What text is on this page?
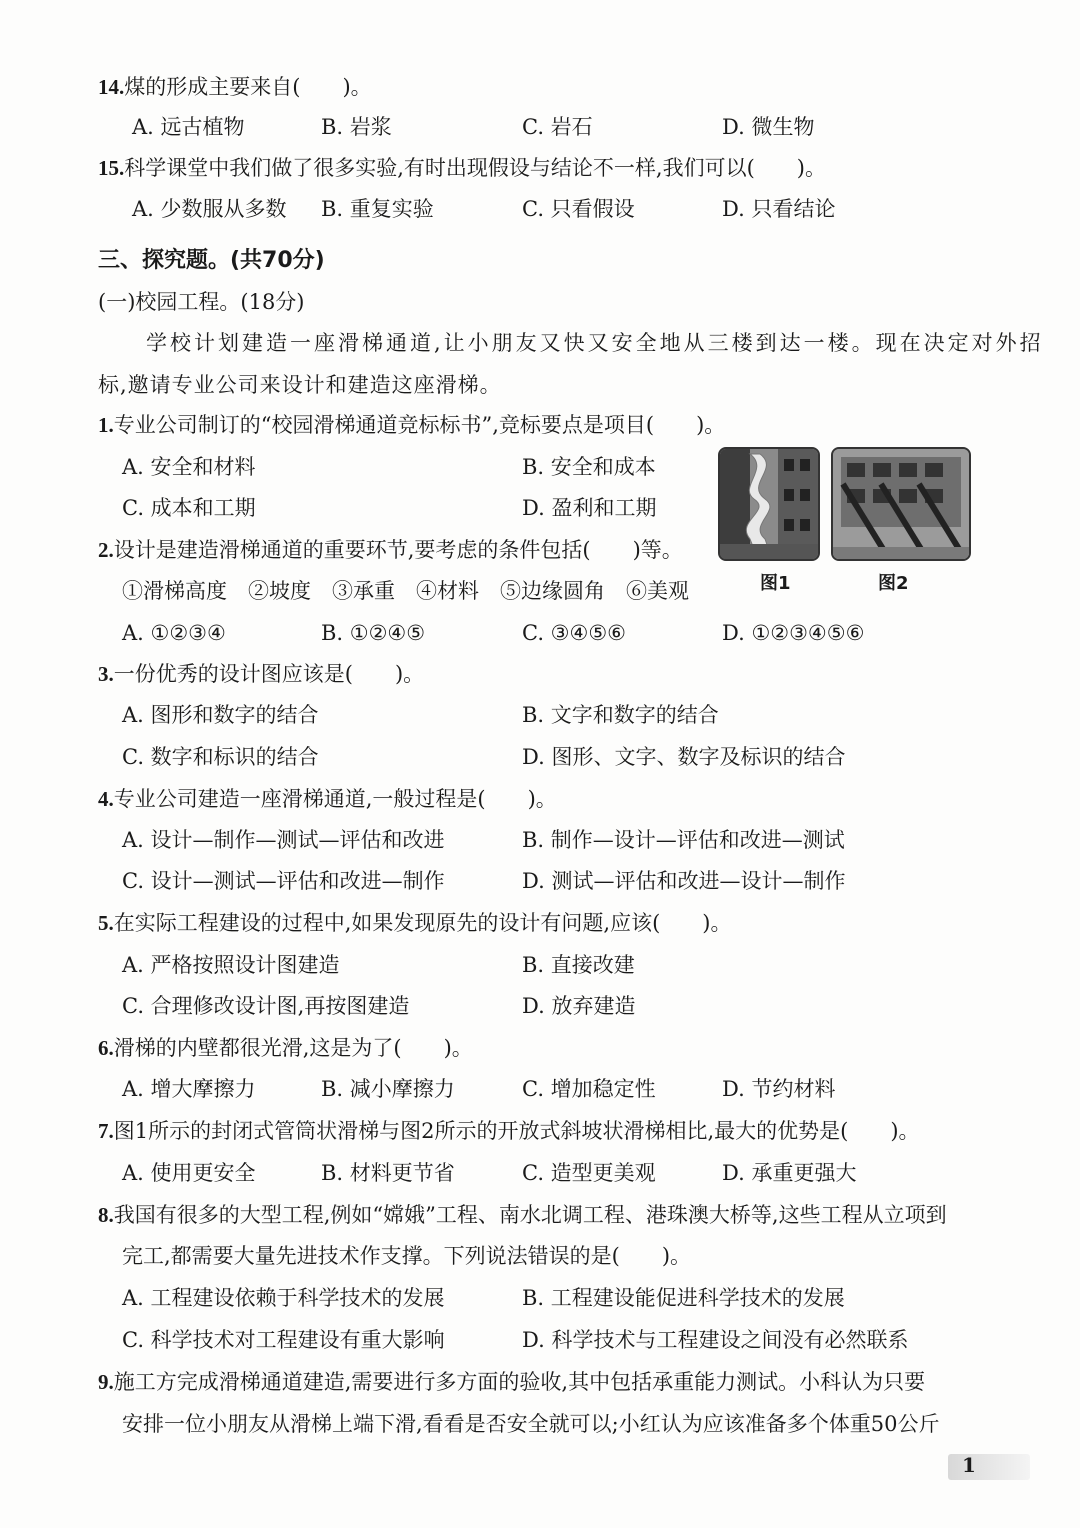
14.煤的形成主要来自(　　)。
A. 远古植物	B. 岩浆	C. 岩石	D. 微生物
15.科学课堂中我们做了很多实验,有时出现假设与结论不一样,我们可以(　　)。
A. 少数服从多数 B. 重复实验	C. 只看假设	D. 只看结论
三、探究题。(共70分)
(一)校园工程。(18分)
学校计划建造一座滑梯通道,让小朋友又快又安全地从三楼到达一楼。现在决定对外招
标,邀请专业公司来设计和建造这座滑梯。
1.专业公司制订的“校园滑梯通道竞标标书”,竞标要点是项目(　　)。
A. 安全和材料	B. 安全和成本
C. 成本和工期	D. 盈利和工期
图1	图2
2.设计是建造滑梯通道的重要环节,要考虑的条件包括(　　)等。
①滑梯高度　②坡度　③承重　④材料　⑤边缘圆角　⑥美观
A. ①②③④	B. ①②④⑤	C. ③④⑤⑥	D. ①②③④⑤⑥
3.一份优秀的设计图应该是(　　)。
A. 图形和数字的结合	B. 文字和数字的结合
C. 数字和标识的结合	D. 图形、文字、数字及标识的结合
4.专业公司建造一座滑梯通道,一般过程是(　　)。
A. 设计—制作—测试—评估和改进	B. 制作—设计—评估和改进—测试
C. 设计—测试—评估和改进—制作	D. 测试—评估和改进—设计—制作
5.在实际工程建设的过程中,如果发现原先的设计有问题,应该(　　)。
A. 严格按照设计图建造	B. 直接改建
C. 合理修改设计图,再按图建造	D. 放弃建造
6.滑梯的内壁都很光滑,这是为了(　　)。
A. 增大摩擦力	B. 减小摩擦力	C. 增加稳定性	D. 节约材料
7.图1所示的封闭式管筒状滑梯与图2所示的开放式斜坡状滑梯相比,最大的优势是(　　)。
A. 使用更安全	B. 材料更节省	C. 造型更美观	D. 承重更强大
8.我国有很多的大型工程,例如“嫦娥”工程、南水北调工程、港珠澳大桥等,这些工程从立项到
完工,都需要大量先进技术作支撑。下列说法错误的是(　　)。
A. 工程建设依赖于科学技术的发展	B. 工程建设能促进科学技术的发展
C. 科学技术对工程建设有重大影响	D. 科学技术与工程建设之间没有必然联系
9.施工方完成滑梯通道建造,需要进行多方面的验收,其中包括承重能力测试。小科认为只要
安排一位小朋友从滑梯上端下滑,看看是否安全就可以;小红认为应该准备多个体重50公斤
1
